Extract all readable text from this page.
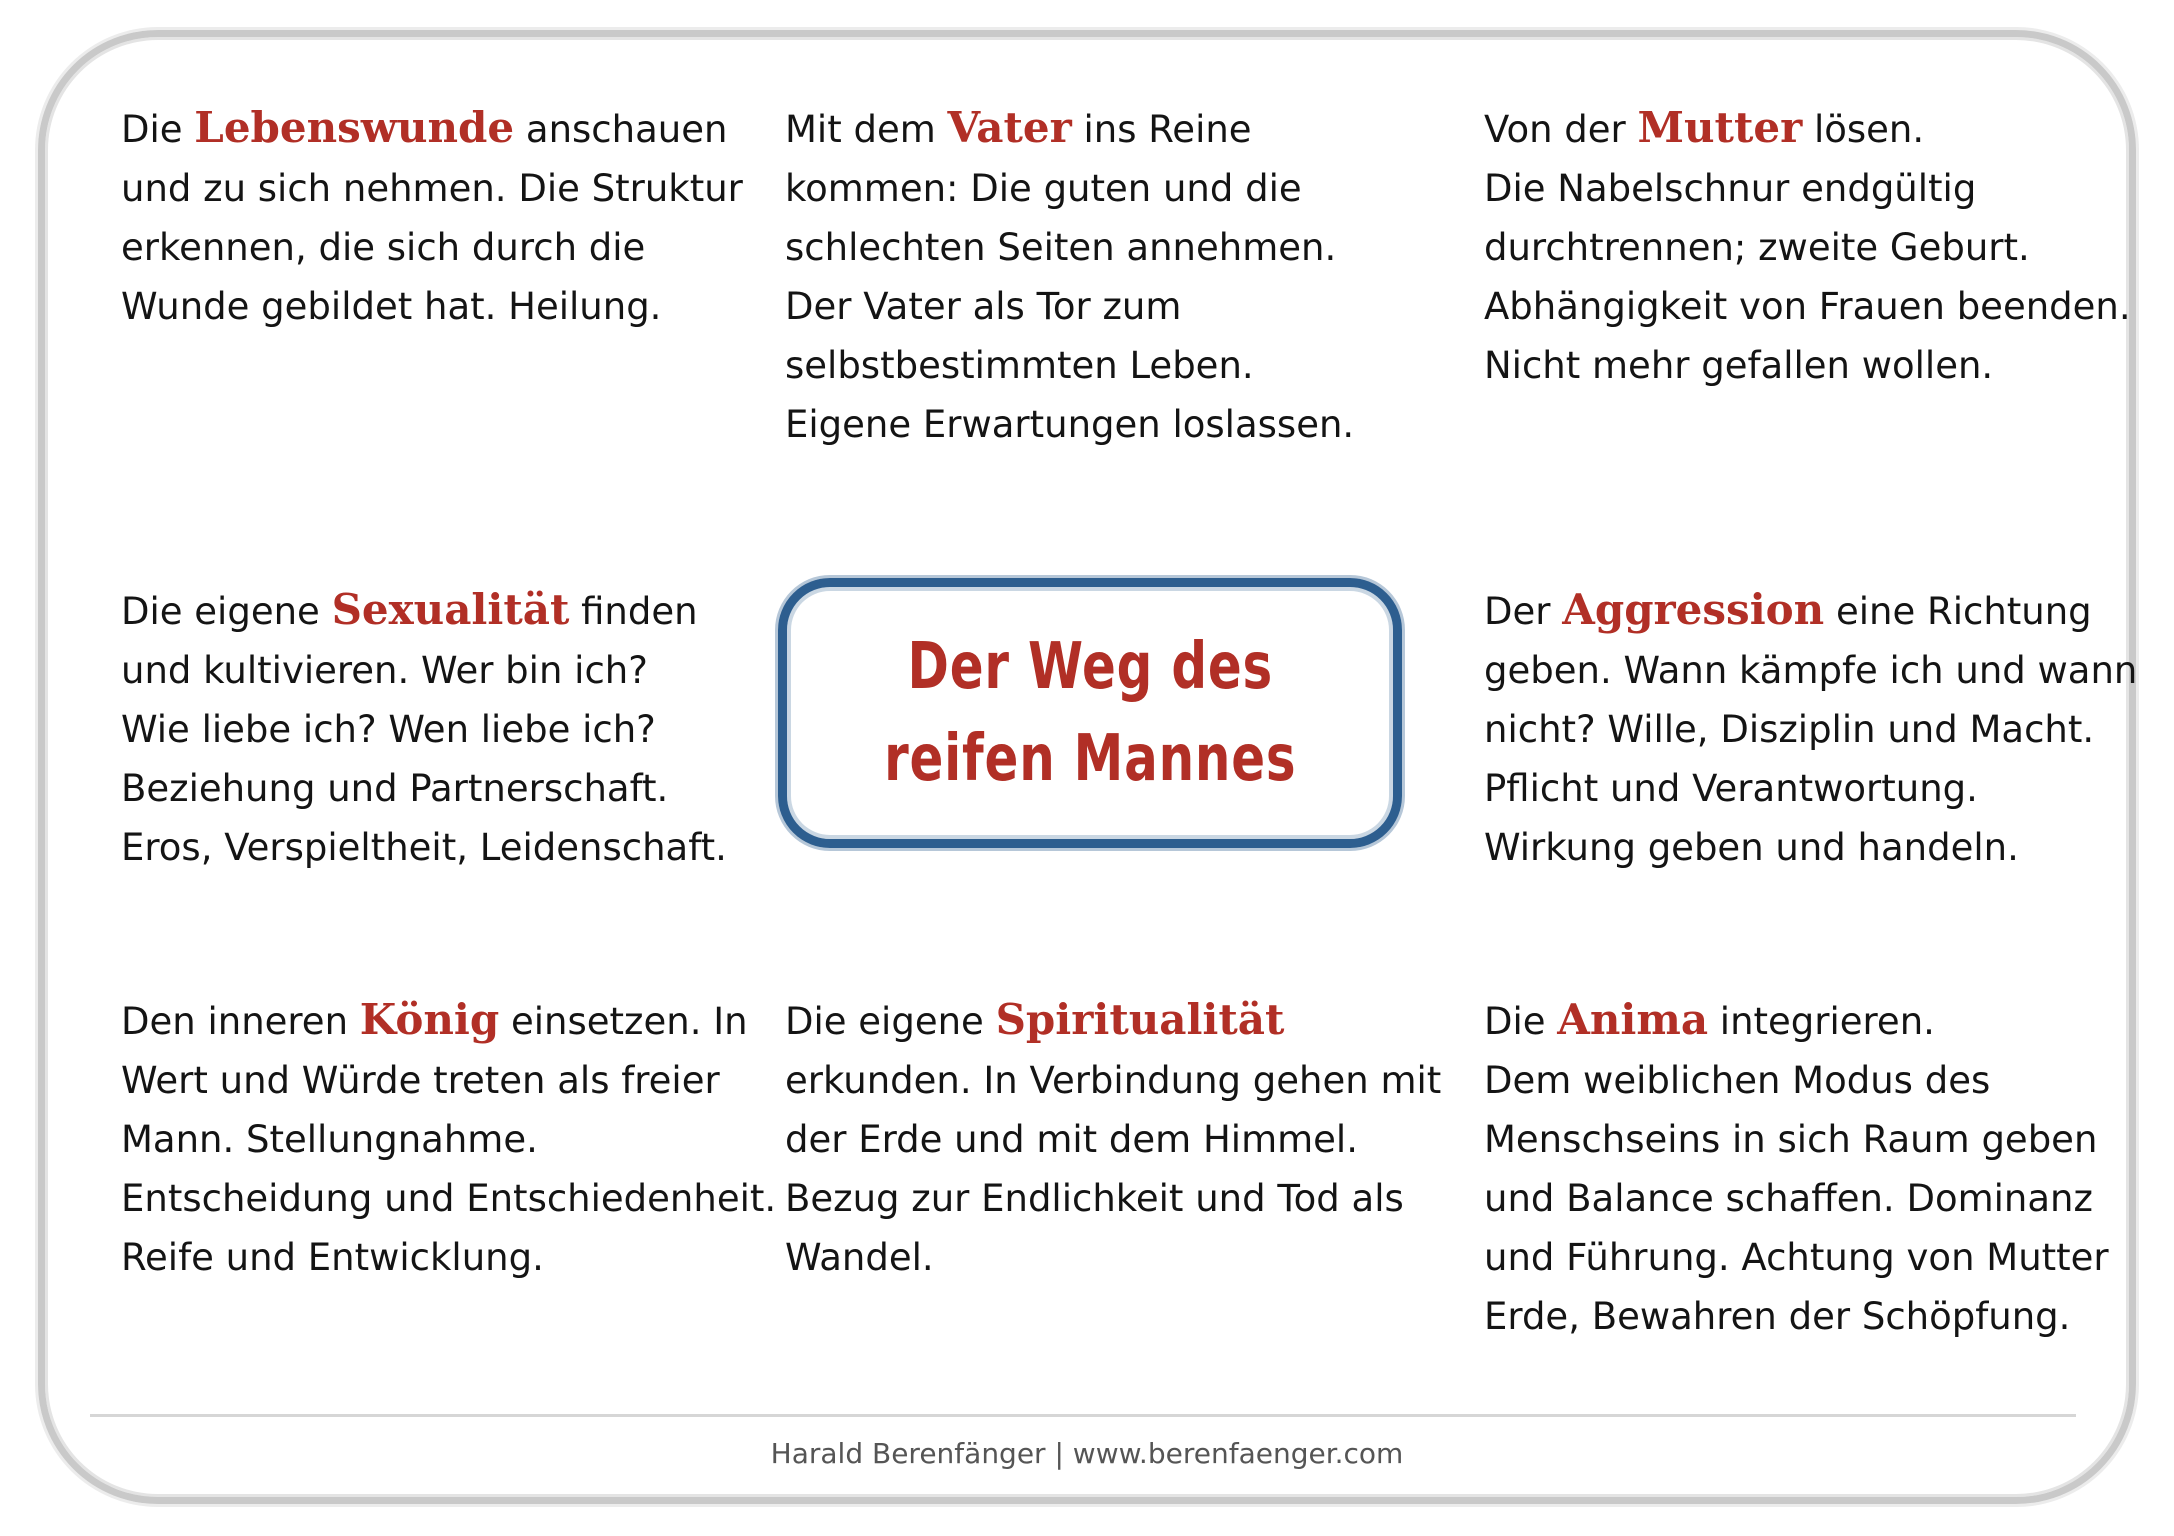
Die Lebenswunde anschauen

und zu sich nehmen. Die Struktur

erkennen, die sich durch die

Wunde gebildet hat. Heilung.

Mit dem Vater ins Reine

kommen: Die guten und die

schlechten Seiten annehmen.

Der Vater als Tor zum

selbstbestimmten Leben.

Eigene Erwartungen loslassen.

Von der Mutter lösen.

Die Nabelschnur endgültig

durchtrennen; zweite Geburt.

Abhängigkeit von Frauen beenden.

Nicht mehr gefallen wollen.

Die eigene Sexualität finden

und kultivieren. Wer bin ich?

Wie liebe ich? Wen liebe ich?

Beziehung und Partnerschaft.

Eros, Verspieltheit, Leidenschaft.

Der Weg des
reifen Mannes

Der Aggression eine Richtung

geben. Wann kämpfe ich und wann

nicht? Wille, Disziplin und Macht.

Pflicht und Verantwortung.

Wirkung geben und handeln.

Den inneren König einsetzen. In

Wert und Würde treten als freier

Mann. Stellungnahme.

Entscheidung und Entschiedenheit.

Reife und Entwicklung.

Die eigene Spiritualität

erkunden. In Verbindung gehen mit

der Erde und mit dem Himmel.

Bezug zur Endlichkeit und Tod als

Wandel.

Die Anima integrieren.

Dem weiblichen Modus des

Menschseins in sich Raum geben

und Balance schaffen. Dominanz

und Führung. Achtung von Mutter

Erde, Bewahren der Schöpfung.

Harald Berenfänger | www.berenfaenger.com
